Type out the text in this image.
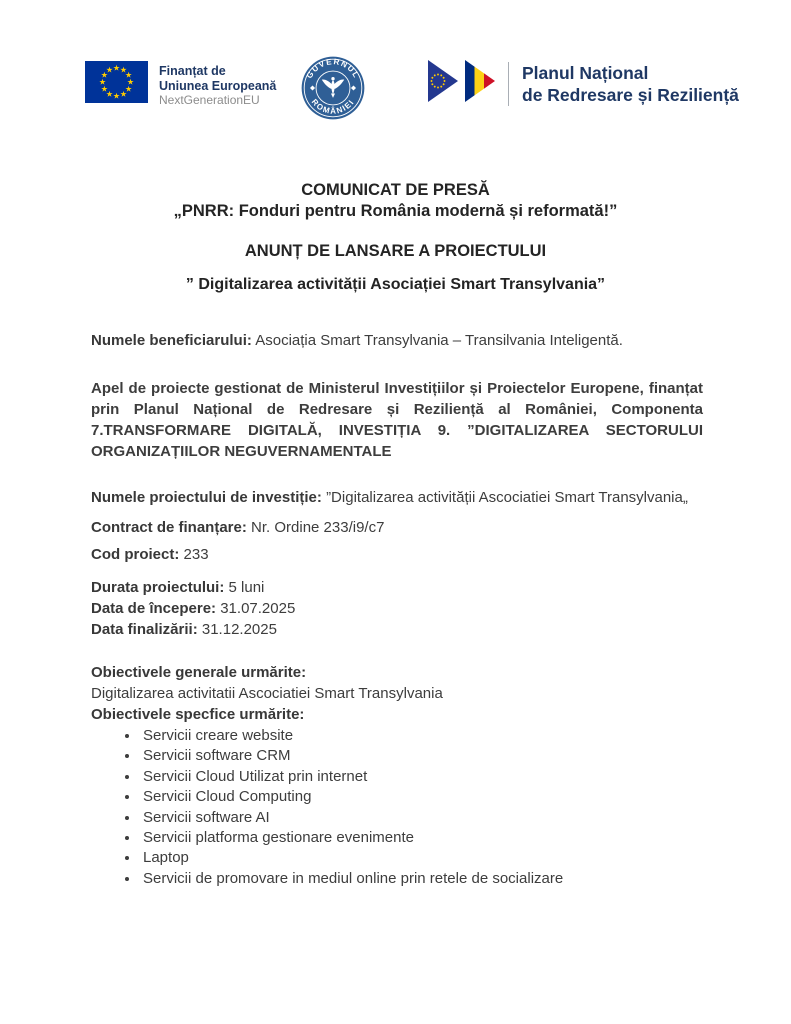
Finanțat de
Uniunea Europeană
NextGenerationEU
GUVERNUL
ROMÂNIEI
Planul Național
de Redresare și Reziliență
COMUNICAT DE PRESĂ
„PNRR: Fonduri pentru România modernă și reformată!”
ANUNȚ DE LANSARE A PROIECTULUI
” Digitalizarea activității Asociației Smart Transylvania”

Numele beneficiarului: Asociația Smart Transylvania – Transilvania Inteligentă.

Apel de proiecte gestionat de Ministerul Investițiilor și Proiectelor Europene, finanțat prin Planul Național de Redresare și Reziliență al României, Componenta 7.TRANSFORMARE DIGITALĂ, INVESTIȚIA 9. ”DIGITALIZAREA SECTORULUI ORGANIZAȚIILOR NEGUVERNAMENTALE

Numele proiectului de investiție: ”Digitalizarea activității Ascociatiei Smart Transylvania„

Contract de finanțare: Nr. Ordine 233/i9/c7

Cod proiect: 233

Durata proiectului: 5 luni

Data de începere: 31.07.2025

Data finalizării: 31.12.2025

Obiectivele generale urmărite:

Digitalizarea activitatii Ascociatiei Smart Transylvania

Obiectivele specfice urmărite:

• Servicii creare website
• Servicii software CRM
• Servicii Cloud Utilizat prin internet
• Servicii Cloud Computing
• Servicii software AI
• Servicii platforma gestionare evenimente
• Laptop
• Servicii de promovare in mediul online prin retele de socializare
